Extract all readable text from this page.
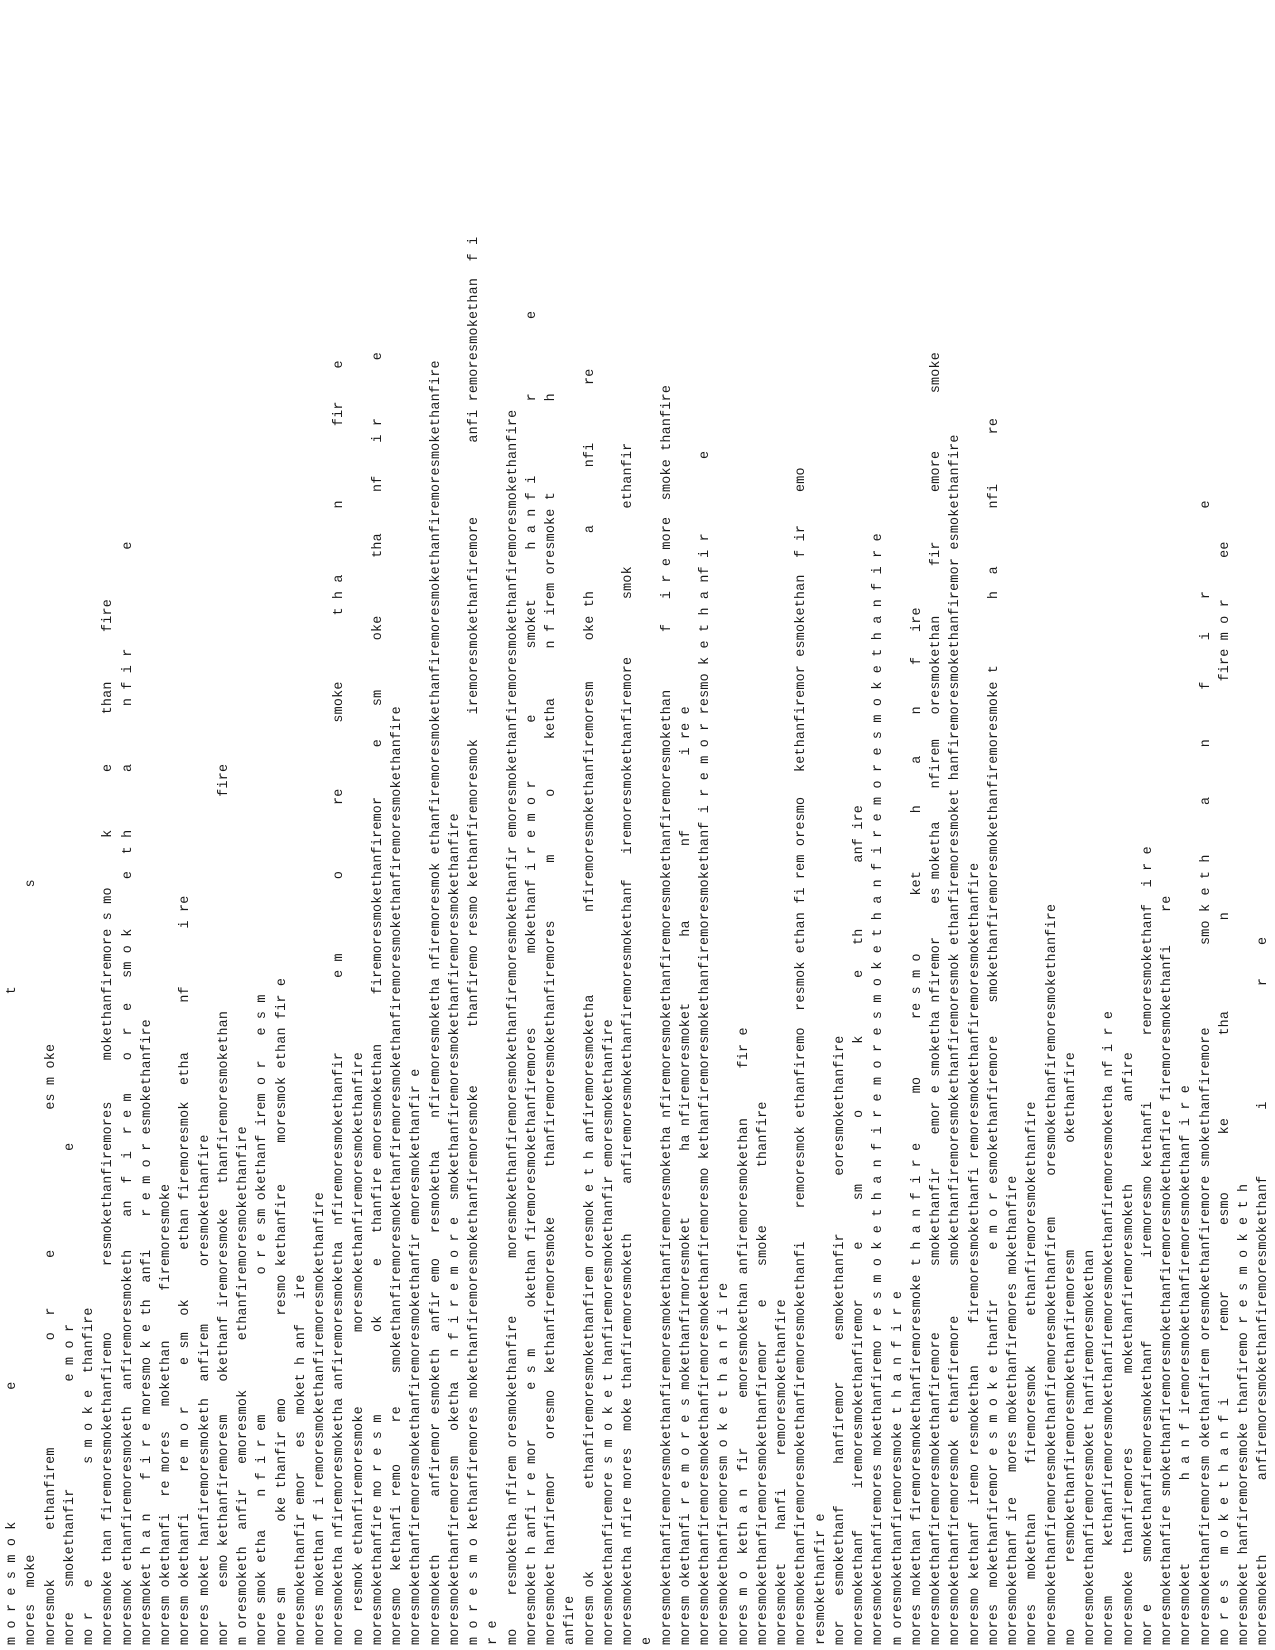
m o r e s m o k                e                                               t mores  moke                                                                                 s moresmok      ethanfirem             o  r      e                 es m oke more   smokethanfir             e m o r                     e mo r   e              s m o k e  thanfire moresmoke than firemoresmokethanfiremo        resmokethanfiremores     mokethanfiremore s mo      k       e      than      fire moresmok ethanfiremoresmoketh  anfiremoresmoketh    an  f  i  r e m    o  r  e   sm o k      e  t h       a       n f i r            e moresmoket h a n    f i r e moresmo k e th  anfi    r e m o r esmokethanfire moresm okethanfi  re mores   mokethan      firemoresmoke moresm okethanfi     re m o r     e sm  ok      ethan firemoresmok  etha      nf       i re mores moket hanfiremoresmoketh  anfirem       oresmokethanfire mor    esmo kethanfiremoresm    okethanf iremoresmoke   thanfiremoresmokethan                          fire m oresmoketh  anfir   emoresmok      ethanfiremoresmokethanfire more smok etha    n f i r em                 o r e sm okethanf irem o r   e s m more sm        oke thanfir emo          resmo kethanfire     moresmok ethan fir e moresmokethanfir emor   es  moket h anf   ire mores mokethan f i remoresmokethanfiremoresmokethanfire moresmoketha nfiremoresmoketha anfiremoresmoketha  nfiremoresmokethanfir         e m         o        re        smoke        t h a        n         fir    e mo  resmok ethanfiremoresmoke         moresmokethanfiremoresmokethanfire moresmokethanfire mo r e s m          ok      e   thanfire emoresmokethan      firemoresmokethanfiremor      e    sm      oke       tha     nf    i r       e moresmo  kethanfi remo     re    smokethanfiremoresmokethanfiremoresmokethanfiremoresmokethanfiremoresmokethanfire moresmokethanfiremoresmokethanfiremoresmokethanfir emoresmokethanfir e moresmoketh       anfiremor esmoketh  anfir emo   resmoketha    nfiremoresmoketha nfiremoresmok ethanfiremoresmokethanfiremoresmokethanfiremoresmokethanfire moresmokethanfiremoresm   oketha   n f i r e m o r e  smokethanfiremoresmokethanfiremoresmokethanfire m o r e s m o kethanfiremores mokethanfiremoresmokethanfiremoresmoke       thanfiremo resmo kethanfiremoresmok   iremoresmokethanfiremore         anfi remoresmokethan  f i r e mo    resmoketha nfirem oresmokethanfire       moresmokethanfiremoresmokethanfiremoresmokethanfir emoresmokethanfiremoresmokethanfiremoresmokethanfire moresmoket h anfi r e mor      e s m     okethan firemoresmokethanfiremores         mokethanf i r e m o r       e        smoket      h a n f i         r         e moresmoket hanfiremor    oresmo  kethanfiremoresmoke      thanfiremoresmokethanfiremores       m       o      ketha      n f irem oresmoke t           h anfire moresm ok          ethanfiremoresmokethanfirem oresmok e t h anfiremoresmoketha          nfiremoresmokethanfiremoresm     oke th       a       nfi       re moresmokethanfiremore s m o k e t hanfiremoresmokethanfir emoresmokethanfire moresmoketha nfire mores  moke thanfiremoresmoketh      anfiremoresmokethanfiremoresmokethanf   iremoresmokethanfiremore       smok       ethanfir e moresmokethanfiremoresmokethanfiremoresmokethanfiremoresmoketha nfiremoresmokethanfiremoresmokethanfiremoresmokethan       f   i r e more  smoke thanfire moresm okethanfi r e m o r e s mokethanfirmoresmoket        ha nfiremoresmoket        ha         nf         i re e moresmokethanfiremoresmokethanfiremoresmokethanfiremoresmo kethanfiremoresmokethanfiremoresmokethanf i r e m o r resmo k e t h a nf i r         e moresmokethanfiremoresm o k e t h a n f i re mores m o  keth a n  fir      emoresmokethan anfiremoresmokethan      fir e moresmokethanfiremoresmokethanfiremor    e    smoke       thanfire moresmoket    hanfi    remoresmokethanfire moresmokethanfiremoresmokethanfiremoresmokethanfi    remoresmok ethanfiremo  resmok ethan fi rem oresmo   kethanfiremor esmokethan  f ir    emo resmokethanfir e mor   esmokethanf     hanfiremor     esmokethanfir       eoresmokethanfire moresmokethanf     iremoresmokethanfiremor      e     sm        o        k       e   th        anf ire moresmokethanfiremores mokethanfiremo r e s m o k e t h a n f i r e m o r e s m o k e t h a n f i r e m o r e s m o k e t h a n f i r e m oresmokethanfiremoresmoke t h a n f i r e mores mokethan firemoresmokethanfiremoresmoke t h a n f i r e      mo       re s m o       ket       h     a     n     f   ire moresmokethanfiremoresmokethanfiremore        smokethanfir    emor e smoketha nfiremor    es moketha    nfirem   oresmokethan      fir      emore       smoke moresmokethanfiremoresmok  ethanfiremore      smokethanfiremoresmokethanfiremoresmok ethanfiremoresmoket hanfiremoresmokethanfiremor esmokethanfire moresmo kethanf  iremo resmokethan     firemoresmokethanfi remoresmokethanfiremoresmokethanfire mores  mokethanfiremor e s m o k e thanfir      e m o r esmokethanfiremore    smokethanfiremoresmokethanfiremoresmoke t        h  a       nfi      re moresmokethanf ire   mores mokethanfiremores mokethanfire mores   mokethan      firemoresmok      ethanfiremoresmokethanfire moresmokethanfiremoresmokethanfiremoresmokethanfirem     oresmokethanfiremoresmokethanfire mo        resmokethanfiremoresmokethanfiremoresm             okethanfire moresmokethanfiremoresmoket hanfiremoresmokethan moresm      kethanfiremoresmokethanfiremoresmokethanfiremoresmoketha nf i r e moresmoke  thanfiremores         mokethanfiremoresmoketh          anfire mor e     smokethanfiremoresmokethanf          iremoresmo kethanfi        remoresmokethanf  i r e moresmokethanfire smokethanfiremoresmokethanfiremoresmokethanfire firemoresmokethanfi    re moresmoket          h a n f iremoresmokethanfiremoresmokethanf i r e moresmokethanfiremoresm okethanfirem oresmokethanfiremore smokethanfiremore          smo k e t h      a      n      f     i    r          e mo r e s   m o k e t h a n f i        remor        esmo       ke          tha           n                            fire m o r     ee moresmoket hanfiremoresmoke thanfiremo r e s m o k e t h moresmoketh         anfiremoresmokethanfiremoresmokethanf        i              r    e
